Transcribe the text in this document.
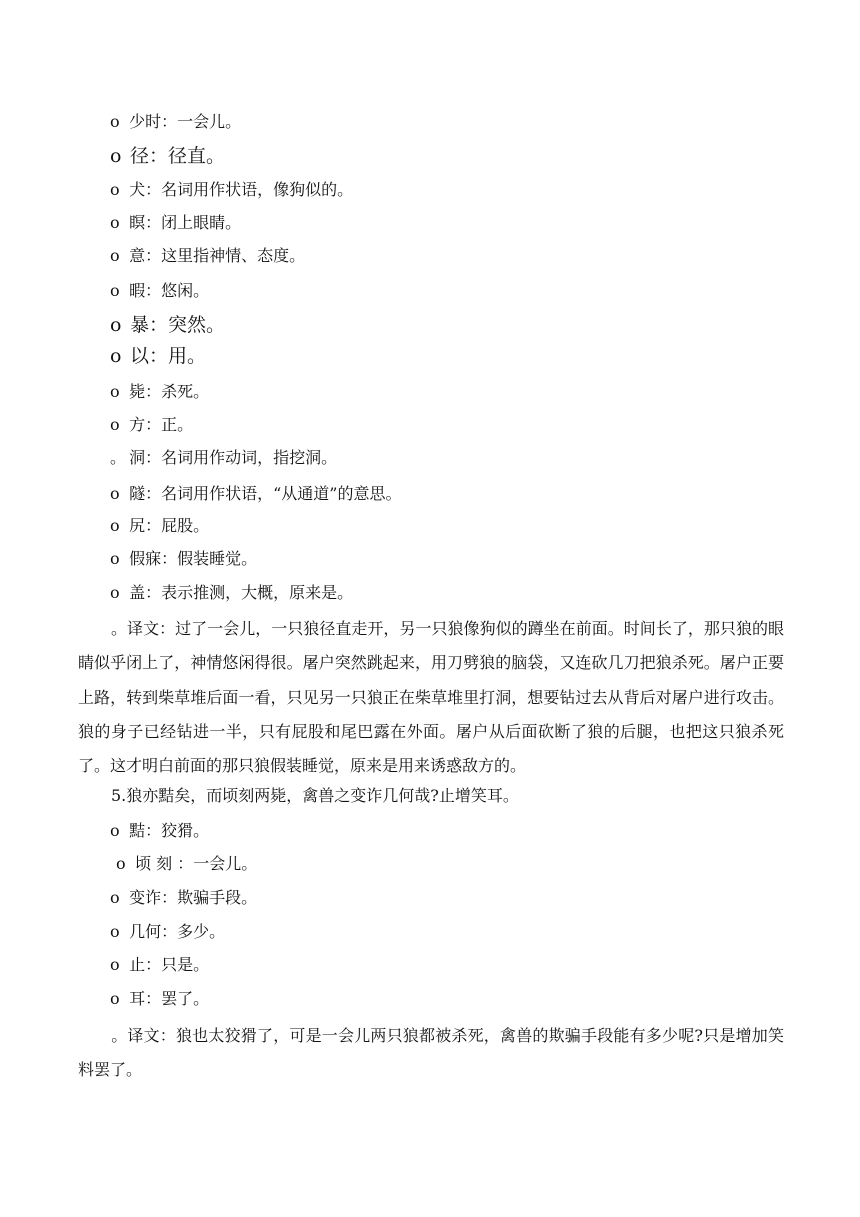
o 少时：一会儿。
o 径：径直。
o 犬：名词用作状语，像狗似的。
o 瞑：闭上眼睛。
o 意：这里指神情、态度。
o 暇：悠闲。
o 暴：突然。
o 以：用。
o 毙：杀死。
o 方：正。
。 洞：名词用作动词，指挖洞。
o 隧：名词用作状语，“从通道”的意思。
o 尻：屁股。
o 假寐：假装睡觉。
o 盖：表示推测，大概，原来是。
。译文：过了一会儿，一只狼径直走开，另一只狼像狗似的蹲坐在前面。时间长了，那只狼的眼睛似乎闭上了，神情悠闲得很。屠户突然跳起来，用刀劈狼的脑袋，又连砍几刀把狼杀死。屠户正要上路，转到柴草堆后面一看，只见另一只狼正在柴草堆里打洞，想要钻过去从背后对屠户进行攻击。狼的身子已经钻进一半，只有屁股和尾巴露在外面。屠户从后面砍断了狼的后腿，也把这只狼杀死了。这才明白前面的那只狼假装睡觉，原来是用来诱惑敌方的。
5.狼亦黠矣，而顷刻两毙，禽兽之变诈几何哉?止增笑耳。
o 黠：狡猾。
o 顷 刻 ：一会儿。
o 变诈：欺骗手段。
o 几何：多少。
o 止：只是。
o 耳：罢了。
。译文：狼也太狡猾了，可是一会儿两只狼都被杀死，禽兽的欺骗手段能有多少呢?只是增加笑料罢了。
